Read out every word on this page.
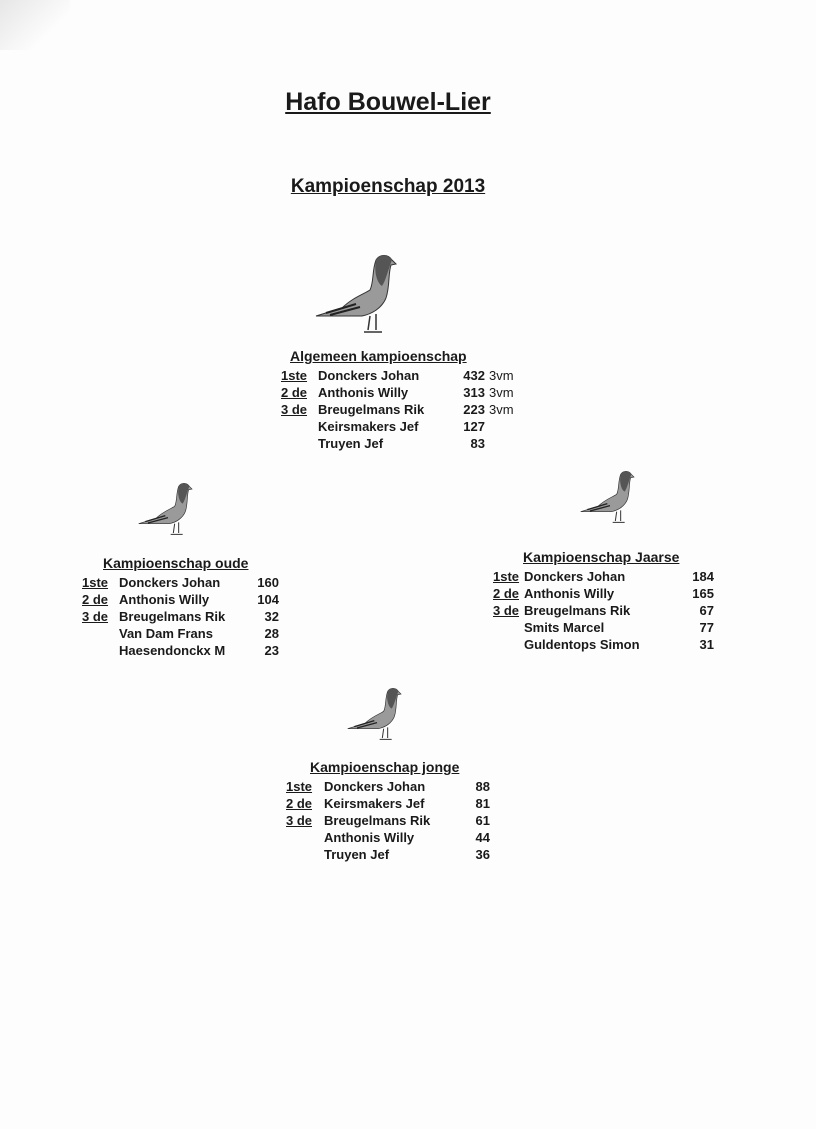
Hafo Bouwel-Lier
Kampioenschap 2013
Algemeen kampioenschap
1ste Donckers Johan	432 3vm
2 de Anthonis Willy	313 3vm
3 de Breugelmans Rik	223 3vm
Keirsmakers Jef	127
Truyen Jef	83
Kampioenschap oude
1ste Donckers Johan	160
2 de Anthonis Willy	104
3 de Breugelmans Rik	32
Van Dam Frans	28
Haesendonckx M	23
Kampioenschap Jaarse
1ste Donckers Johan	184
2 de Anthonis Willy	165
3 de Breugelmans Rik	67
Smits Marcel	77
Guldentops Simon	31
Kampioenschap jonge
1ste Donckers Johan	88
2 de Keirsmakers Jef	81
3 de Breugelmans Rik	61
Anthonis Willy	44
Truyen Jef	36
